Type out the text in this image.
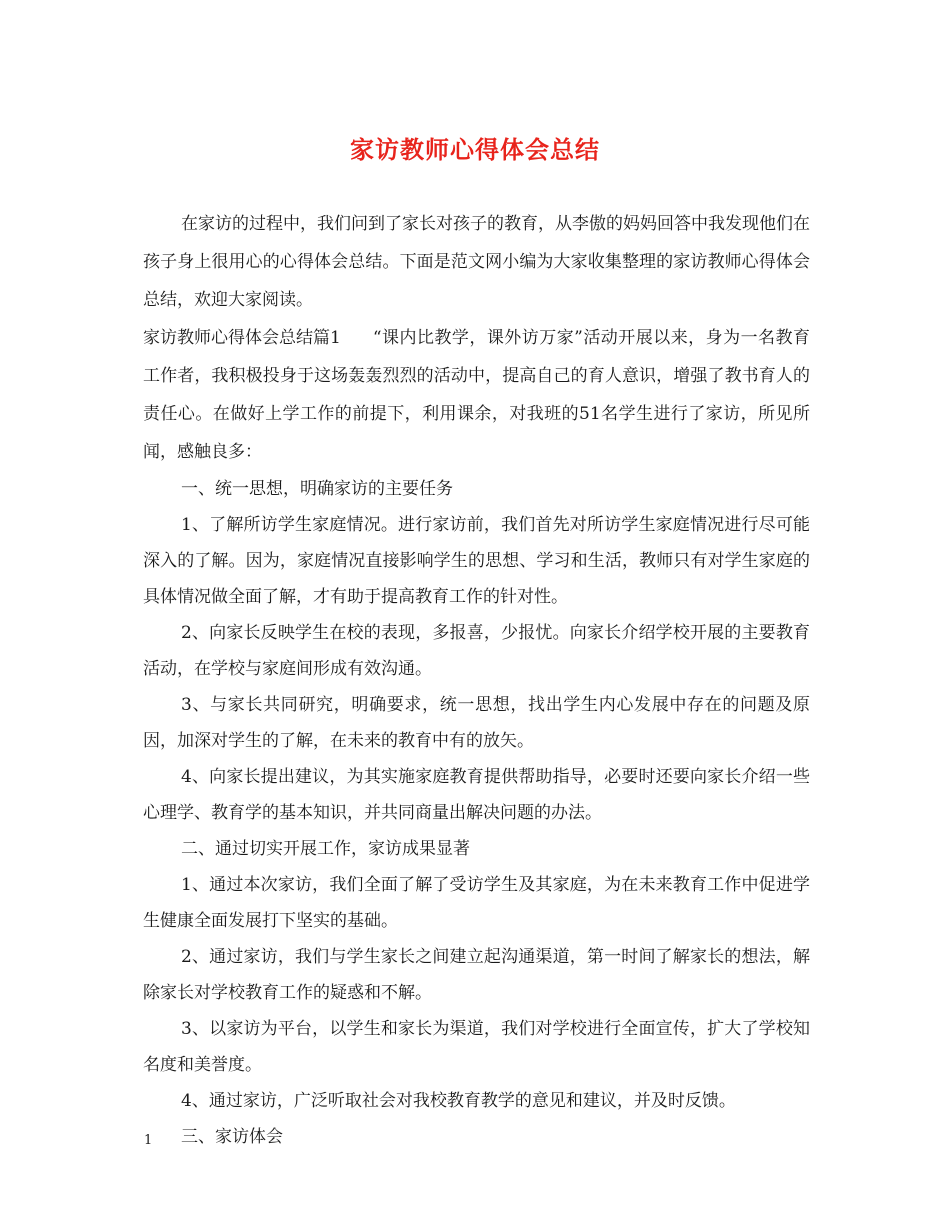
家访教师心得体会总结

在家访的过程中，我们问到了家长对孩子的教育，从李傲的妈妈回答中我发现他们在孩子身上很用心的心得体会总结。下面是范文网小编为大家收集整理的家访教师心得体会总结，欢迎大家阅读。

家访教师心得体会总结篇1 “课内比教学，课外访万家”活动开展以来，身为一名教育工作者，我积极投身于这场轰轰烈烈的活动中，提高自己的育人意识，增强了教书育人的责任心。在做好上学工作的前提下，利用课余，对我班的51名学生进行了家访，所见所闻，感触良多：

一、统一思想，明确家访的主要任务

1、了解所访学生家庭情况。进行家访前，我们首先对所访学生家庭情况进行尽可能深入的了解。因为，家庭情况直接影响学生的思想、学习和生活，教师只有对学生家庭的具体情况做全面了解，才有助于提高教育工作的针对性。

2、向家长反映学生在校的表现，多报喜，少报忧。向家长介绍学校开展的主要教育活动，在学校与家庭间形成有效沟通。

3、与家长共同研究，明确要求，统一思想，找出学生内心发展中存在的问题及原因，加深对学生的了解，在未来的教育中有的放矢。

4、向家长提出建议，为其实施家庭教育提供帮助指导，必要时还要向家长介绍一些心理学、教育学的基本知识，并共同商量出解决问题的办法。

二、通过切实开展工作，家访成果显著

1、通过本次家访，我们全面了解了受访学生及其家庭，为在未来教育工作中促进学生健康全面发展打下坚实的基础。

2、通过家访，我们与学生家长之间建立起沟通渠道，第一时间了解家长的想法，解除家长对学校教育工作的疑惑和不解。

3、以家访为平台，以学生和家长为渠道，我们对学校进行全面宣传，扩大了学校知名度和美誉度。

4、通过家访，广泛听取社会对我校教育教学的意见和建议，并及时反馈。

三、家访体会

1
